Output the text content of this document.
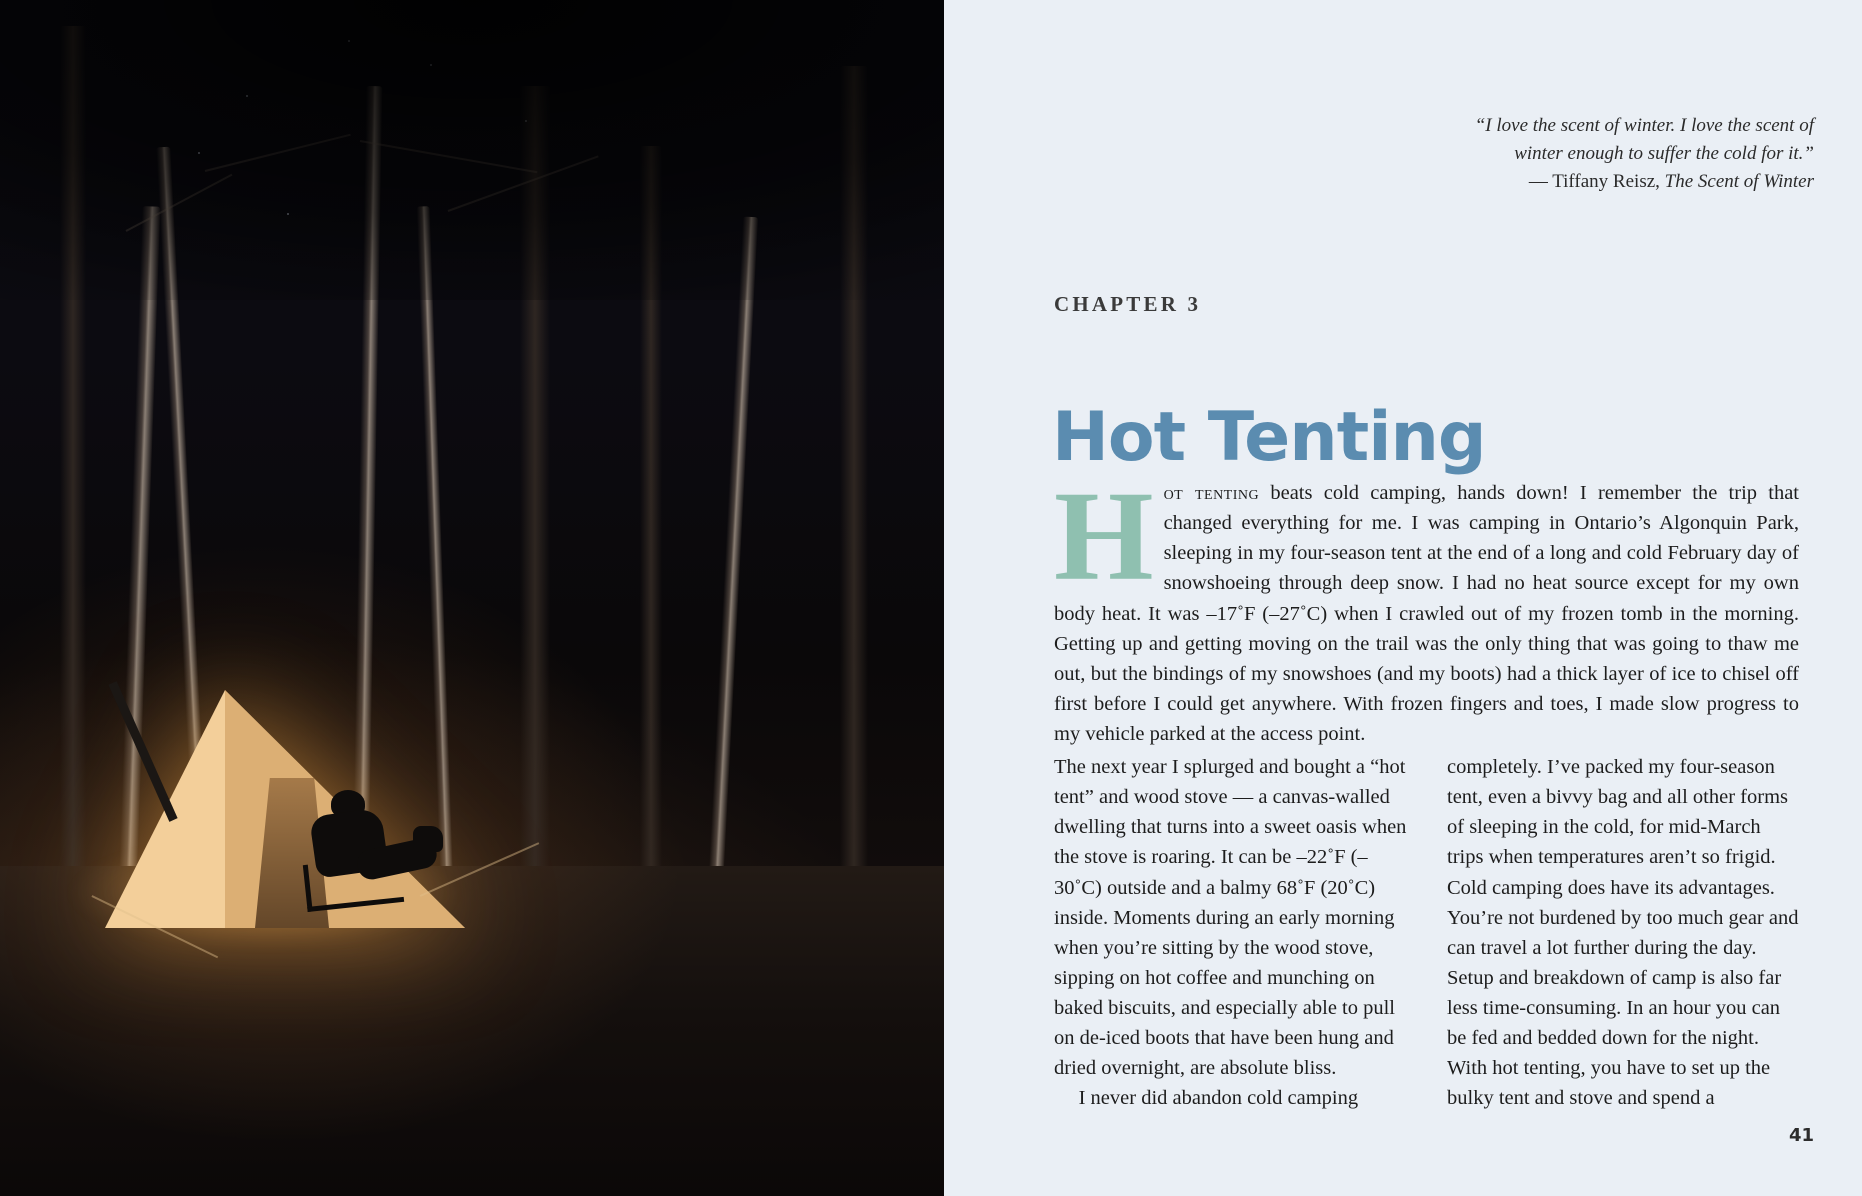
“I love the scent of winter. I love the scent of winter enough to suffer the cold for it.”
— Tiffany Reisz, The Scent of Winter
CHAPTER 3
Hot Tenting
Hot tenting beats cold camping, hands down! I remember the trip that changed everything for me. I was camping in Ontario’s Algonquin Park, sleeping in my four-season tent at the end of a long and cold February day of snowshoeing through deep snow. I had no heat source except for my own body heat. It was –17˚F (–27˚C) when I crawled out of my frozen tomb in the morning. Getting up and getting moving on the trail was the only thing that was going to thaw me out, but the bindings of my snowshoes (and my boots) had a thick layer of ice to chisel off first before I could get anywhere. With frozen fingers and toes, I made slow progress to my vehicle parked at the access point.

The next year I splurged and bought a “hot tent” and wood stove — a canvas-walled dwelling that turns into a sweet oasis when the stove is roaring. It can be –22˚F (–30˚C) outside and a balmy 68˚F (20˚C) inside. Moments during an early morning when you’re sitting by the wood stove, sipping on hot coffee and munching on baked biscuits, and especially able to pull on de-iced boots that have been hung and dried overnight, are absolute bliss.

I never did abandon cold camping

completely. I’ve packed my four-season tent, even a bivvy bag and all other forms of sleeping in the cold, for mid-March trips when temperatures aren’t so frigid. Cold camping does have its advantages. You’re not burdened by too much gear and can travel a lot further during the day. Setup and breakdown of camp is also far less time-consuming. In an hour you can be fed and bedded down for the night. With hot tenting, you have to set up the bulky tent and stove and spend a

41
